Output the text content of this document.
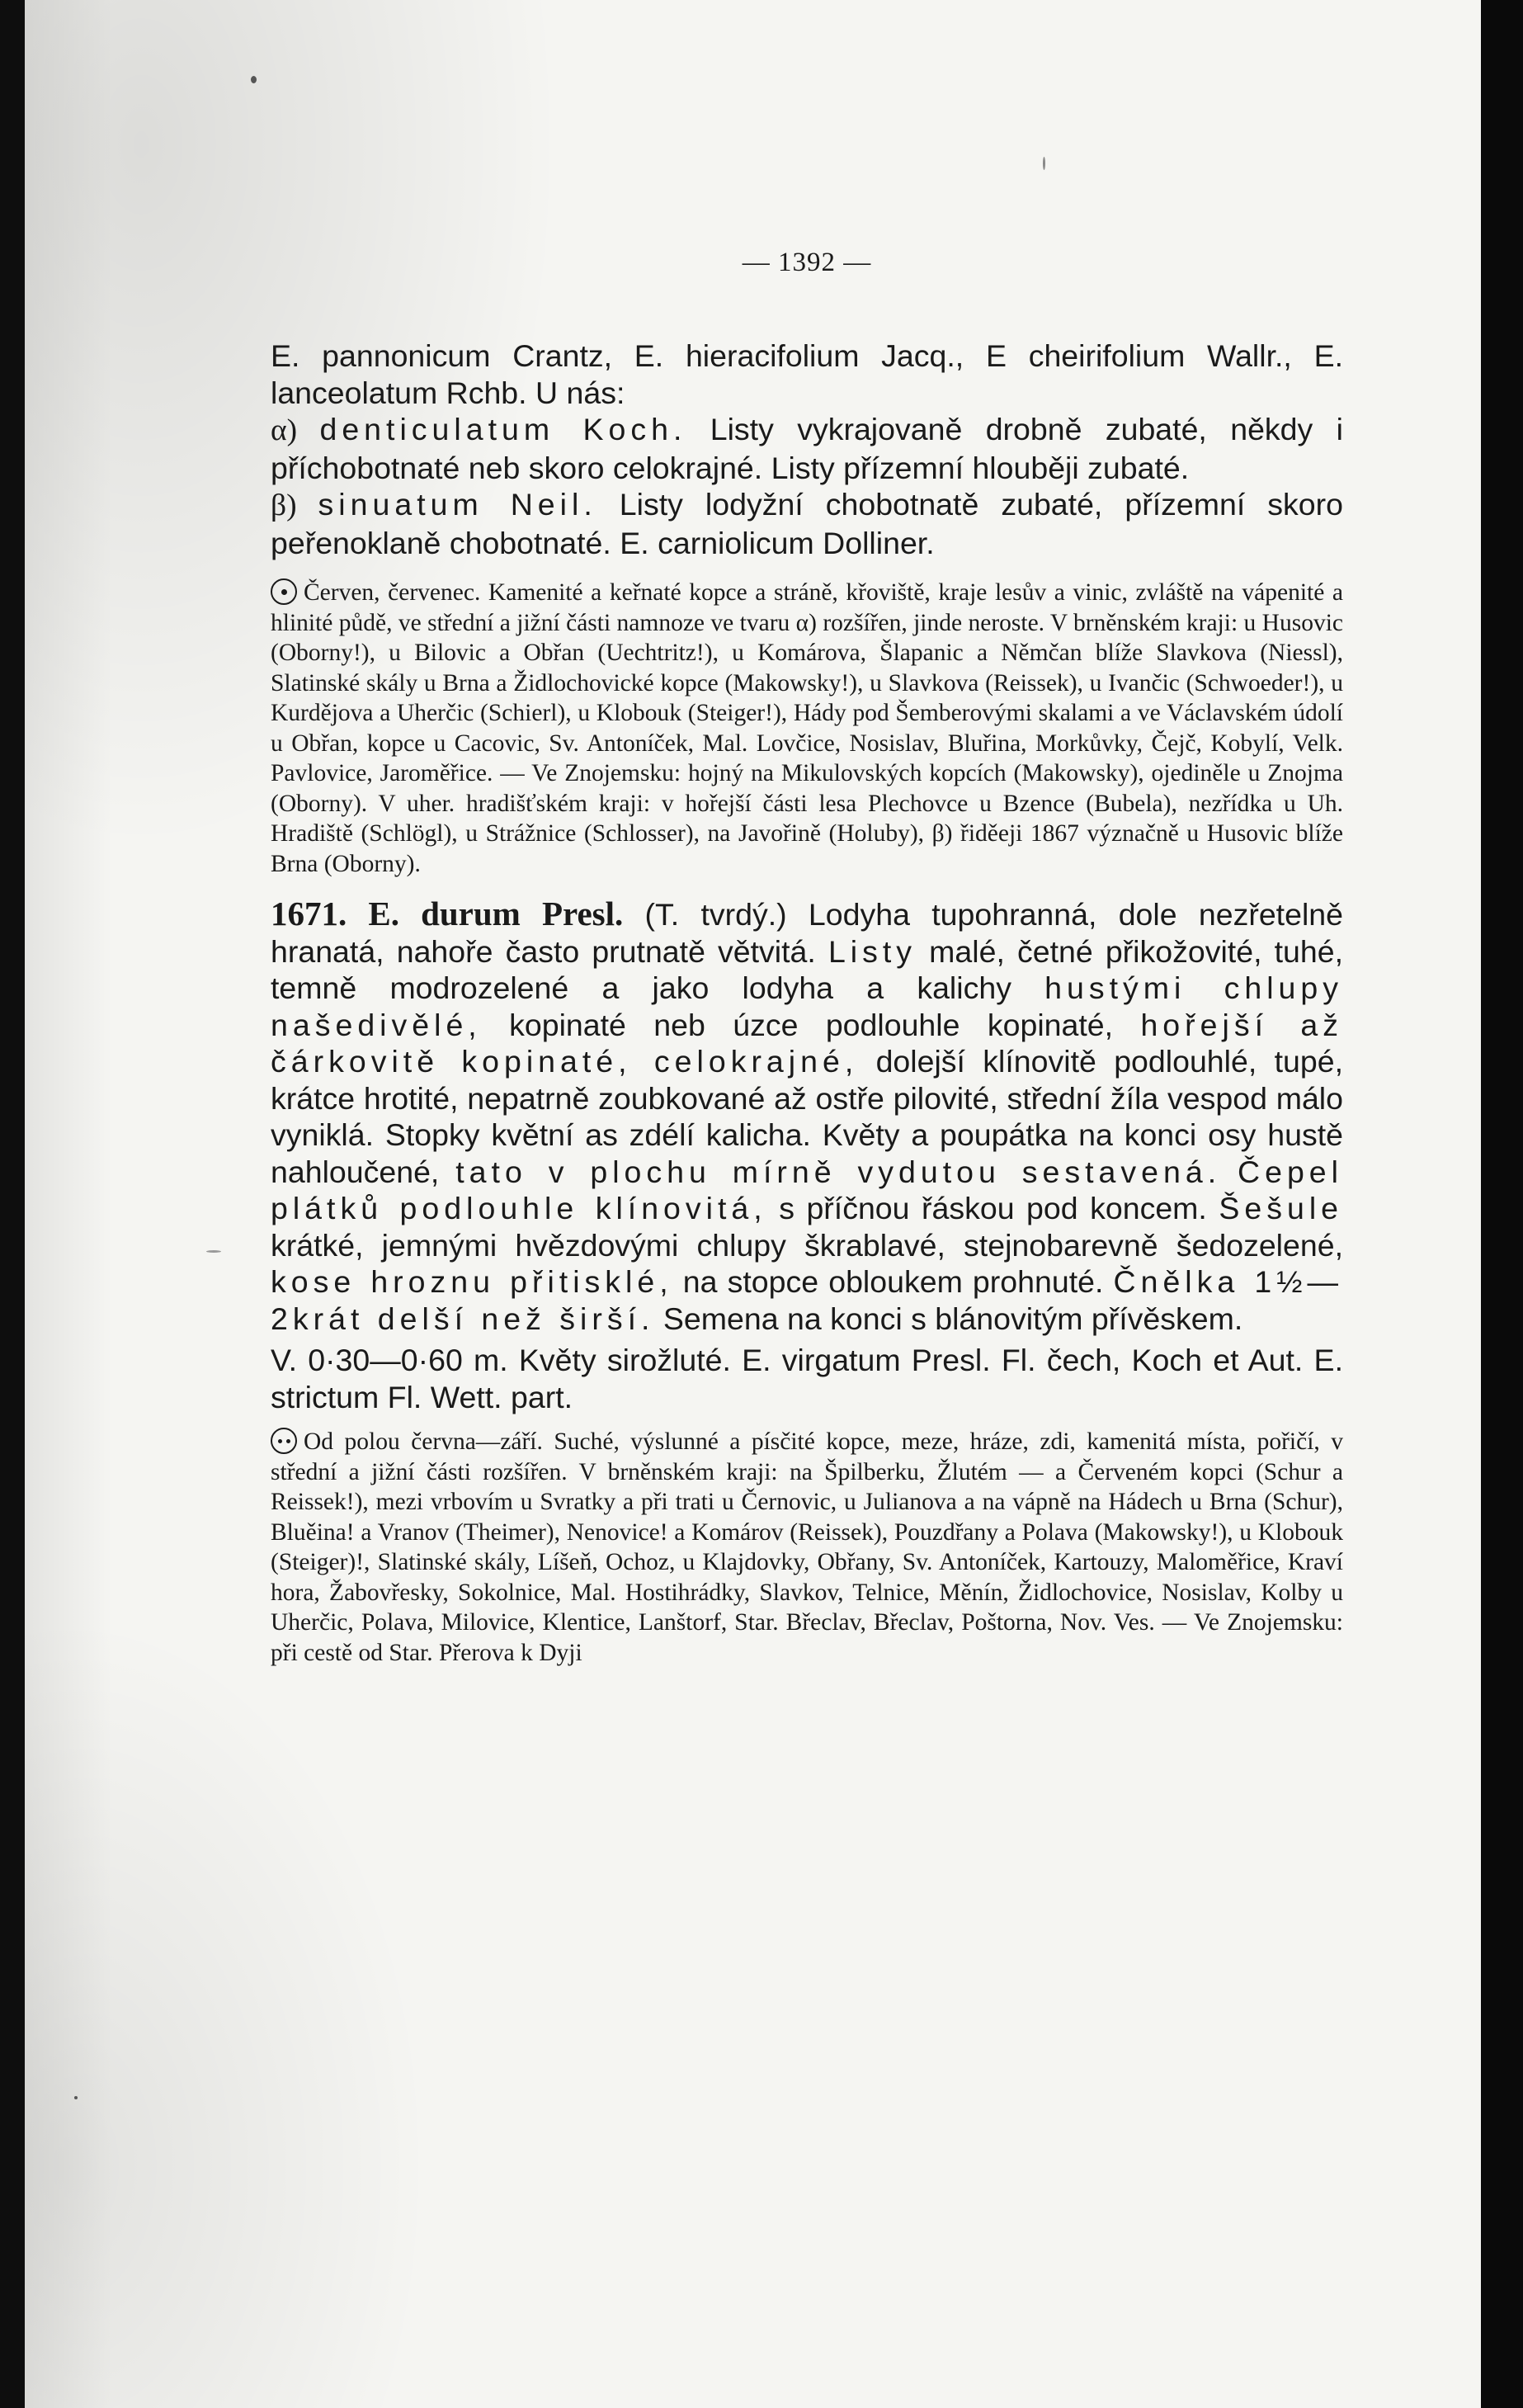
— 1392 —

E. pannonicum Crantz, E. hieracifolium Jacq., E cheirifolium Wallr., E. lanceolatum Rchb. U nás:

α) denticulatum Koch. Listy vykrajovaně drobně zubaté, někdy i příchobotnaté neb skoro celokrajné. Listy přízemní hlouběji zubaté.

β) sinuatum Neil. Listy lodyžní chobotnatě zubaté, přízemní skoro peřenoklaně chobotnaté. E. carniolicum Dolliner.

Červen, červenec. Kamenité a keřnaté kopce a stráně, křoviště, kraje lesův a vinic, zvláště na vápenité a hlinité půdě, ve střední a jižní části namnoze ve tvaru α) rozšířen, jinde neroste. V brněnském kraji: u Husovic (Oborny!), u Bilovic a Obřan (Uechtritz!), u Komárova, Šlapanic a Němčan blíže Slavkova (Niessl), Slatinské skály u Brna a Židlochovické kopce (Makowsky!), u Slavkova (Reissek), u Ivančic (Schwoeder!), u Kurdějova a Uherčic (Schierl), u Klobouk (Steiger!), Hády pod Šemberovými skalami a ve Václavském údolí u Obřan, kopce u Cacovic, Sv. Antoníček, Mal. Lovčice, Nosislav, Bluřina, Morkůvky, Čejč, Kobylí, Velk. Pavlovice, Jaroměřice. — Ve Znojemsku: hojný na Mikulovských kopcích (Makowsky), ojediněle u Znojma (Oborny). V uher. hradišťském kraji: v hořejší části lesa Plechovce u Bzence (Bubela), nezřídka u Uh. Hradiště (Schlögl), u Strážnice (Schlosser), na Javořině (Holuby), β) řiděeji 1867 význačně u Husovic blíže Brna (Oborny).

1671. E. durum Presl. (T. tvrdý.) Lodyha tupohranná, dole nezřetelně hranatá, nahoře často prutnatě větvitá. Listy malé, četné přikožovité, tuhé, temně modrozelené a jako lodyha a kalichy hustými chlupy našedivělé, kopinaté neb úzce podlouhle kopinaté, hořejší až čárkovitě kopinaté, celokrajné, dolejší klínovitě podlouhlé, tupé, krátce hrotité, nepatrně zoubkované až ostře pilovité, střední žíla vespod málo vyniklá. Stopky květní as zdélí kalicha. Květy a poupátka na konci osy hustě nahloučené, tato v plochu mírně vydutou sestavená. Čepel plátků podlouhle klínovitá, s příčnou řáskou pod koncem. Šešule krátké, jemnými hvězdovými chlupy škrablavé, stejnobarevně šedozelené, kose hroznu přitisklé, na stopce obloukem prohnuté. Čnělka 1½—2krát delší než širší. Semena na konci s blánovitým přívěskem.

V. 0·30—0·60 m. Květy sirožluté. E. virgatum Presl. Fl. čech, Koch et Aut. E. strictum Fl. Wett. part.

Od polou června—září. Suché, výslunné a písčité kopce, meze, hráze, zdi, kamenitá místa, pořičí, v střední a jižní části rozšířen. V brněnském kraji: na Špilberku, Žlutém — a Červeném kopci (Schur a Reissek!), mezi vrbovím u Svratky a při trati u Černovic, u Julianova a na vápně na Hádech u Brna (Schur), Bluěina! a Vranov (Theimer), Nenovice! a Komárov (Reissek), Pouzdřany a Polava (Makowsky!), u Klobouk (Steiger)!, Slatinské skály, Líšeň, Ochoz, u Klajdovky, Obřany, Sv. Antoníček, Kartouzy, Maloměřice, Kraví hora, Žabovřesky, Sokolnice, Mal. Hostihrádky, Slavkov, Telnice, Měnín, Židlochovice, Nosislav, Kolby u Uherčic, Polava, Milovice, Klentice, Lanštorf, Star. Břeclav, Břeclav, Poštorna, Nov. Ves. — Ve Znojemsku: při cestě od Star. Přerova k Dyji
